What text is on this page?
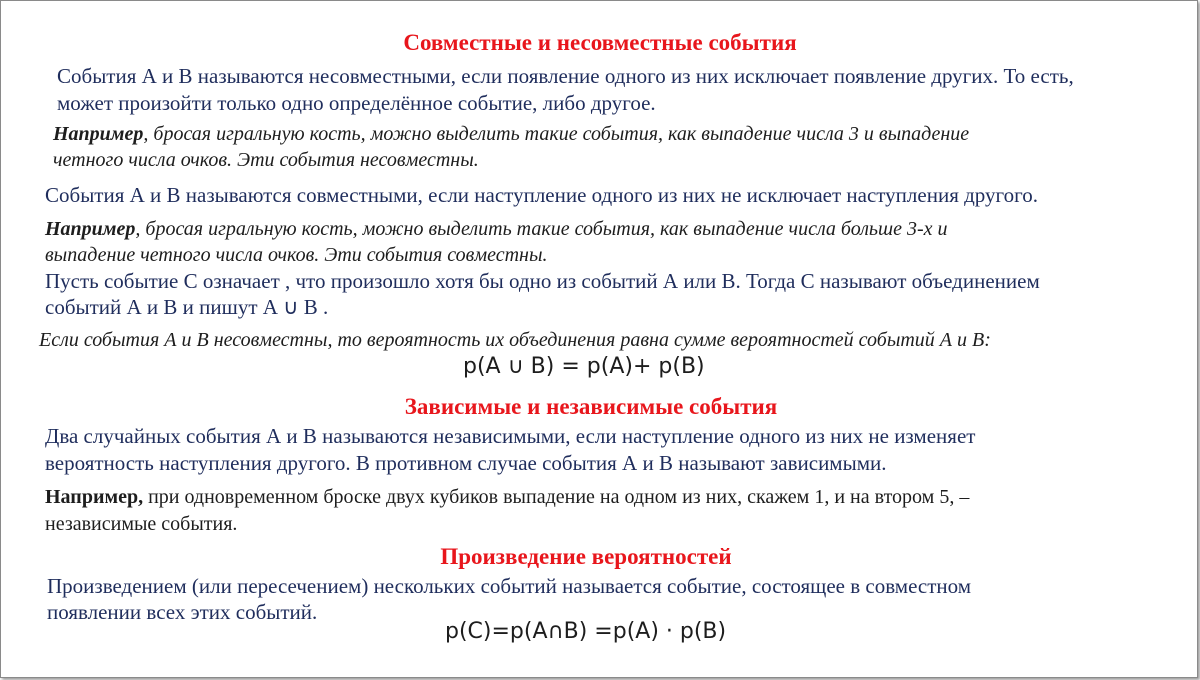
Совместные и несовместные события
События А и В называются несовместными, если появление одного из них исключает появление других. То есть,
может произойти только одно определённое событие, либо другое.
Например, бросая игральную кость, можно выделить такие события, как выпадение числа 3 и выпадение
четного числа очков. Эти события несовместны.
События А и В называются совместными, если наступление одного из них не исключает наступления другого.
Например, бросая игральную кость, можно выделить такие события, как выпадение числа больше 3-х и
выпадение четного числа очков. Эти события совместны.
Пусть событие С означает , что произошло хотя бы одно из событий А или В. Тогда С называют объединением
событий А и В и пишут А ∪ В .
Если события А и В несовместны, то вероятность их объединения равна сумме вероятностей событий А и В:
p(A ∪ B) = p(A)+ p(B)
Зависимые и независимые события
Два случайных события А и В называются независимыми, если наступление одного из них не изменяет
вероятность наступления другого. В противном случае события А и В называют зависимыми.
Например, при одновременном броске двух кубиков выпадение на одном из них, скажем 1, и на втором 5, –
независимые события.
Произведение вероятностей
Произведением (или пересечением) нескольких событий называется событие, состоящее в совместном
появлении всех этих событий.
p(C)=p(A∩B) =p(A) · p(B)
